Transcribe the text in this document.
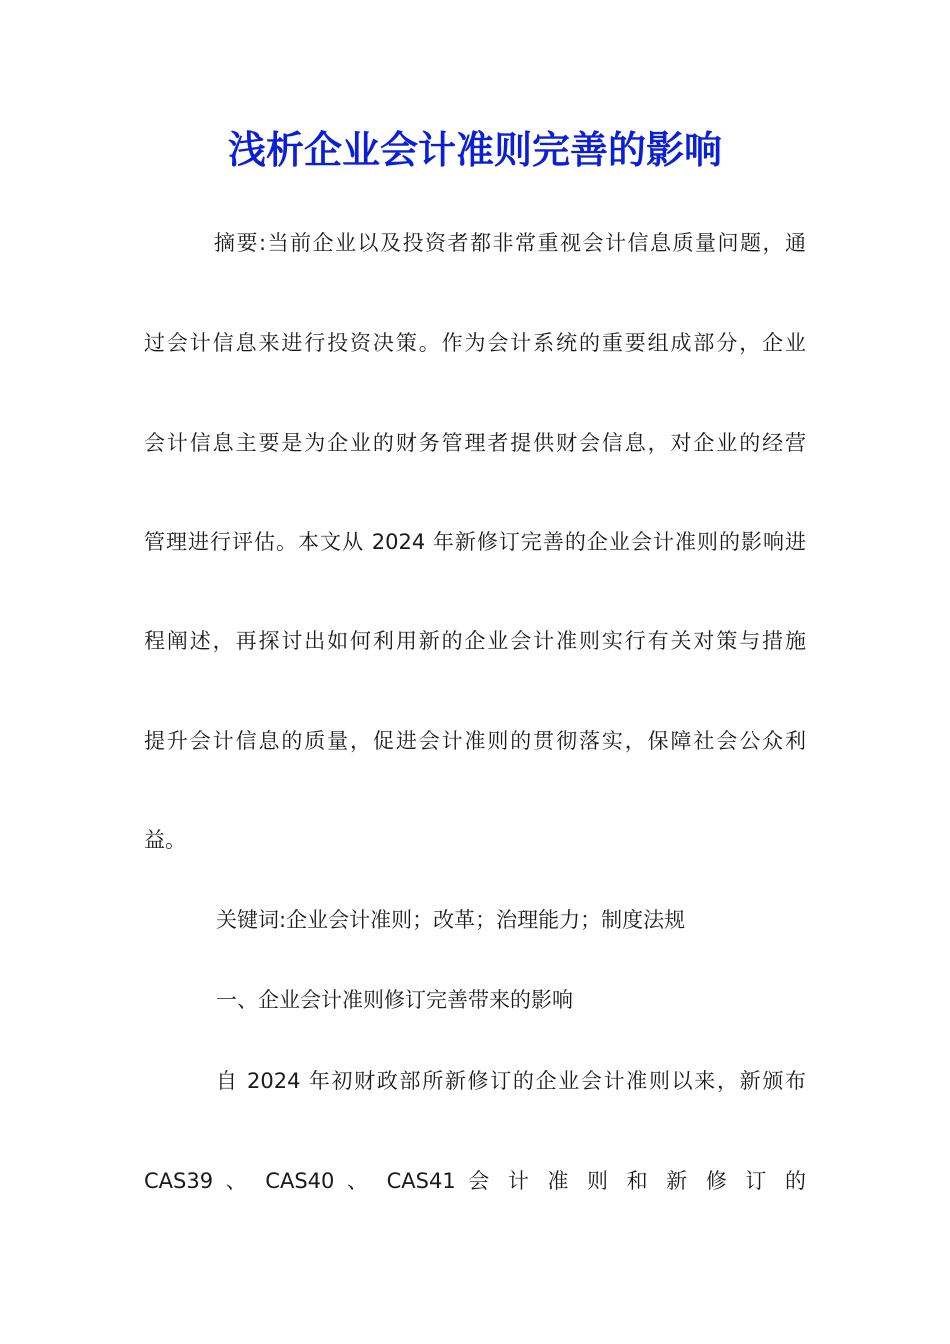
浅析企业会计准则完善的影响

摘要:当前企业以及投资者都非常重视会计信息质量问题，通

过会计信息来进行投资决策。作为会计系统的重要组成部分，企业

会计信息主要是为企业的财务管理者提供财会信息，对企业的经营

管理进行评估。本文从 2024 年新修订完善的企业会计准则的影响进

程阐述，再探讨出如何利用新的企业会计准则实行有关对策与措施

提升会计信息的质量，促进会计准则的贯彻落实，保障社会公众利

益。

关键词:企业会计准则；改革；治理能力；制度法规

一、企业会计准则修订完善带来的影响

自 2024 年初财政部所新修订的企业会计准则以来，新颁布

CAS39 、 CAS40 、 CAS41 会 计 准 则 和 新 修 订 的
